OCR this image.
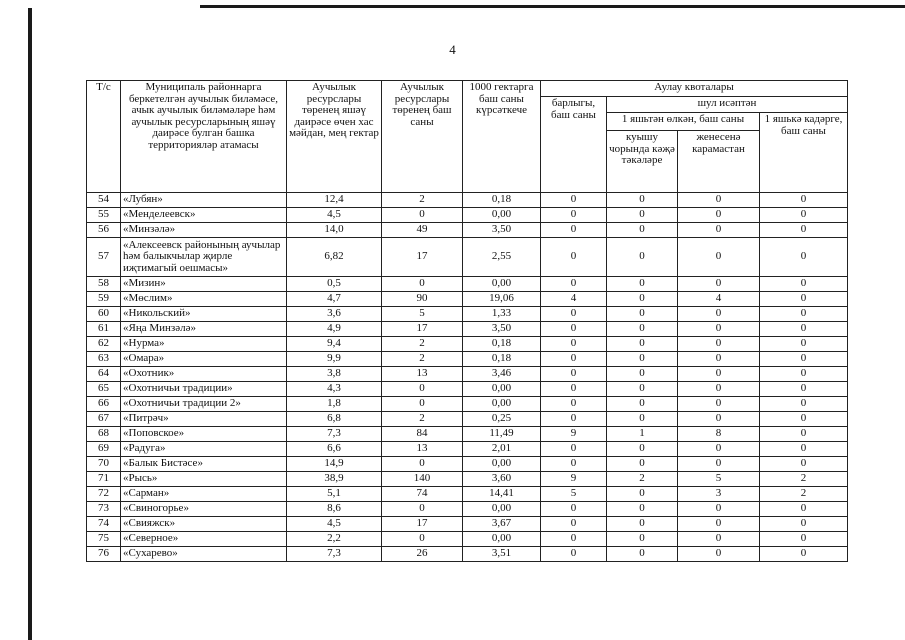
4
Т/с	Муниципаль районнарга беркетелгән аучылык биләмәсе, ачык аучылык биләмәләре һәм аучылык ресурсларының яшәү даирәсе булган башка территорияләр атамасы	Аучылык ресурслары төренең яшәү даирәсе өчен хас мәйдан, мең гектар	Аучылык ресурслары төренең баш саны	1000 гектарга баш саны күрсәткече	Аулау квоталары			
					барлыгы, баш саны	шул исәптән		
						1 яшьтән өлкән, баш саны		1 яшькә кадәрге, баш саны
						куышу чорында кәҗә тәкәләре	женесенә карамастан	
54	«Лубян»	12,4	2	0,18	0	0	0	0
55	«Менделеевск»	4,5	0	0,00	0	0	0	0
56	«Минзәлә»	14,0	49	3,50	0	0	0	0
57	«Алексеевск районының аучылар һәм балыкчылар җирле иҗтимагый оешмасы»	6,82	17	2,55	0	0	0	0
58	«Мизин»	0,5	0	0,00	0	0	0	0
59	«Мөслим»	4,7	90	19,06	4	0	4	0
60	«Никольский»	3,6	5	1,33	0	0	0	0
61	«Яңа Минзәлә»	4,9	17	3,50	0	0	0	0
62	«Нурма»	9,4	2	0,18	0	0	0	0
63	«Омара»	9,9	2	0,18	0	0	0	0
64	«Охотник»	3,8	13	3,46	0	0	0	0
65	«Охотничьи традиции»	4,3	0	0,00	0	0	0	0
66	«Охотничьи традиции 2»	1,8	0	0,00	0	0	0	0
67	«Питрәч»	6,8	2	0,25	0	0	0	0
68	«Поповское»	7,3	84	11,49	9	1	8	0
69	«Радуга»	6,6	13	2,01	0	0	0	0
70	«Балык Бистәсе»	14,9	0	0,00	0	0	0	0
71	«Рысь»	38,9	140	3,60	9	2	5	2
72	«Сарман»	5,1	74	14,41	5	0	3	2
73	«Свиногорье»	8,6	0	0,00	0	0	0	0
74	«Свияжск»	4,5	17	3,67	0	0	0	0
75	«Северное»	2,2	0	0,00	0	0	0	0
76	«Сухарево»	7,3	26	3,51	0	0	0	0
